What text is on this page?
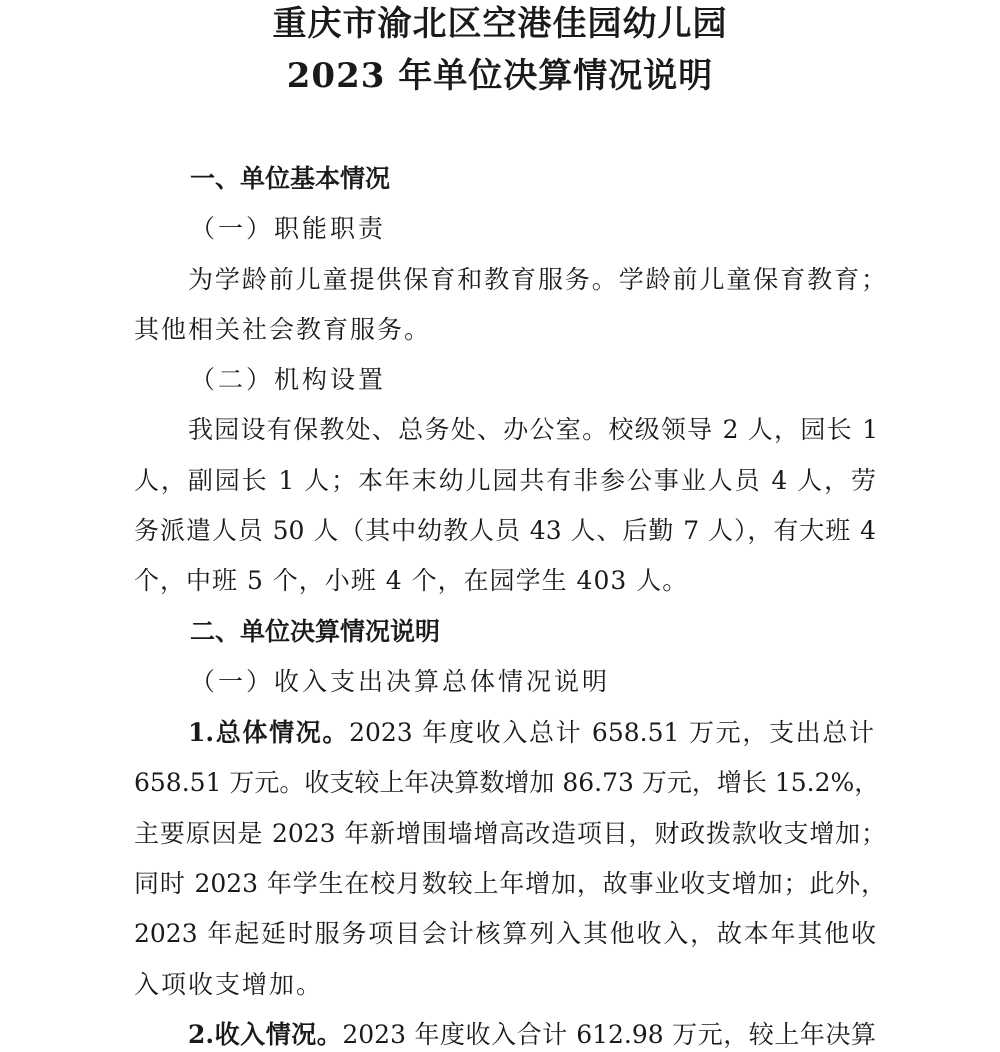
重庆市渝北区空港佳园幼儿园
2023 年单位决算情况说明
一、单位基本情况
（一）职能职责
为学龄前儿童提供保育和教育服务。学龄前儿童保育教育；
其他相关社会教育服务。
（二）机构设置
我园设有保教处、总务处、办公室。校级领导 2 人，园长 1
人，副园长 1 人；本年末幼儿园共有非参公事业人员 4 人，劳
务派遣人员 50 人（其中幼教人员 43 人、后勤 7 人），有大班 4
个，中班 5 个，小班 4 个，在园学生 403 人。
二、单位决算情况说明
（一）收入支出决算总体情况说明
1.总体情况。2023 年度收入总计 658.51 万元，支出总计
658.51 万元。收支较上年决算数增加 86.73 万元，增长 15.2%，
主要原因是 2023 年新增围墙增高改造项目，财政拨款收支增加；
同时 2023 年学生在校月数较上年增加，故事业收支增加；此外，
2023 年起延时服务项目会计核算列入其他收入，故本年其他收
入项收支增加。
2.收入情况。2023 年度收入合计 612.98 万元，较上年决算
